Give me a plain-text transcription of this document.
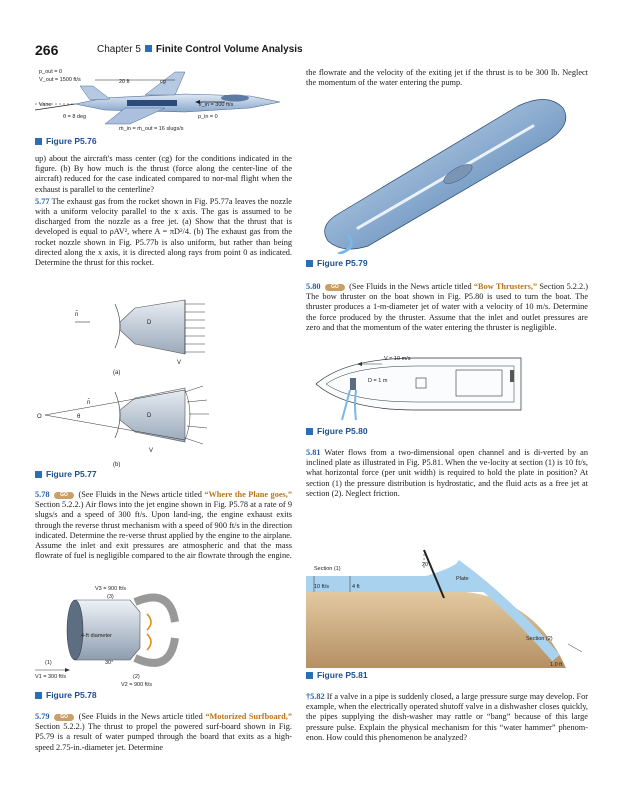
266	Chapter 5 Finite Control Volume Analysis
p_out = 0
V_out = 1500 ft/s	20 ft	cg
Vane
θ = 8 deg
V_in = 300 ft/s
p_in = 0
ṁ_in = ṁ_out = 16 slugs/s
Figure P5.76

up) about the aircraft's mass center (cg) for the conditions indicated in the figure. (b) By how much is the thrust (force along the center-line of the aircraft) reduced for the case indicated compared to nor-mal flight when the exhaust is parallel to the centerline?

5.77 The exhaust gas from the rocket shown in Fig. P5.77a leaves the nozzle with a uniform velocity parallel to the x axis. The gas is assumed to be discharged from the nozzle as a free jet. (a) Show that the thrust that is developed is equal to ρAV², where A = πD²/4. (b) The exhaust gas from the rocket nozzle shown in Fig. P5.77b is also uniform, but rather than being directed along the x axis, it is directed along rays from point 0 as indicated. Determine the thrust for this rocket.

n̂
D
V
(a)
O	θ
n̂
D
V
(b)
Figure P5.77

5.78 GO (See Fluids in the News article titled “Where the Plane goes,” Section 5.2.2.) Air flows into the jet engine shown in Fig. P5.78 at a rate of 9 slugs/s and a speed of 300 ft/s. Upon land-ing, the engine exhaust exits through the reverse thrust mechanism with a speed of 900 ft/s in the direction indicated. Determine the re-verse thrust applied by the engine to the airplane. Assume the inlet and exit pressures are atmospheric and that the mass flowrate of fuel is negligible compared to the air flowrate through the engine.

V3 = 900 ft/s
(3)
4-ft diameter
(1)
V1 = 300 ft/s
30°
(2)
V2 = 900 ft/s
Figure P5.78

5.79 GO (See Fluids in the News article titled “Motorized Surfboard,” Section 5.2.2.) The thrust to propel the powered surf-board shown in Fig. P5.79 is a result of water pumped through the board that exits as a high-speed 2.75-in.-diameter jet. Determine

the flowrate and the velocity of the exiting jet if the thrust is to be 300 lb. Neglect the momentum of the water entering the pump.

Figure P5.79

5.80 GO (See Fluids in the News article titled “Bow Thrusters,” Section 5.2.2.) The bow thruster on the boat shown in Fig. P5.80 is used to turn the boat. The thruster produces a 1-m-diameter jet of water with a velocity of 10 m/s. Determine the force produced by the thruster. Assume that the inlet and outlet pressures are zero and that the momentum of the water entering the thruster is negligible.

V = 10 m/s
D = 1 m
Figure P5.80

5.81 Water flows from a two-dimensional open channel and is di-verted by an inclined plate as illustrated in Fig. P5.81. When the ve-locity at section (1) is 10 ft/s, what horizontal force (per unit width) is required to hold the plate in position? At section (1) the pressure distribution is hydrostatic, and the fluid acts as a free jet at section (2). Neglect friction.

20°
Section (1)
Plate
10 ft/s	4 ft
Section (2)
1.0 ft
Figure P5.81

†5.82 If a valve in a pipe is suddenly closed, a large pressure surge may develop. For example, when the electrically operated shutoff valve in a dishwasher closes quickly, the pipes supplying the dish-washer may rattle or “bang” because of this large pressure pulse. Explain the physical mechanism for this “water hammer” phenom-enon. How could this phenomenon be analyzed?
